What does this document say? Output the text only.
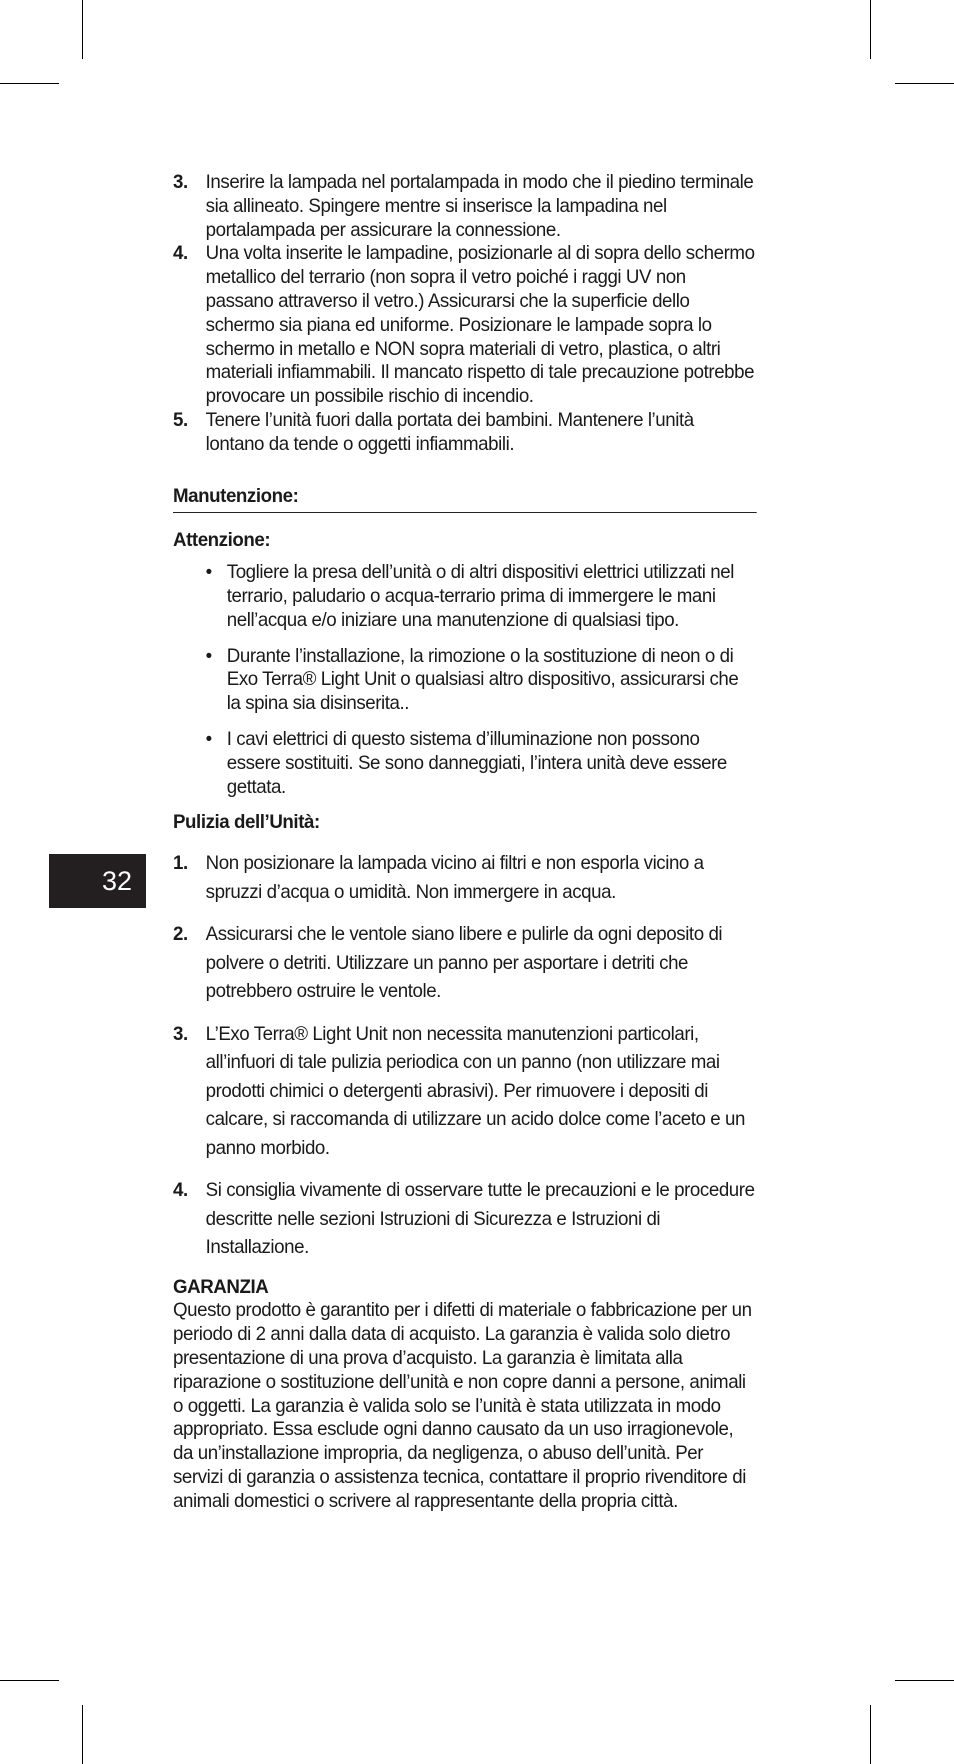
32
3. Inserire la lampada nel portalampada in modo che il piedino terminale sia allineato. Spingere mentre si inserisce la lampadina nel portalampada per assicurare la connessione.
4. Una volta inserite le lampadine, posizionarle al di sopra dello schermo metallico del terrario (non sopra il vetro poiché i raggi UV non passano attraverso il vetro.) Assicurarsi che la superficie dello schermo sia piana ed uniforme. Posizionare le lampade sopra lo schermo in metallo e NON sopra materiali di vetro, plastica, o altri materiali infiammabili. Il mancato rispetto di tale precauzione potrebbe provocare un possibile rischio di incendio.
5. Tenere l’unità fuori dalla portata dei bambini. Mantenere l’unità lontano da tende o oggetti infiammabili.
Manutenzione:
Attenzione:
• Togliere la presa dell’unità o di altri dispositivi elettrici utilizzati nel terrario, paludario o acqua-terrario prima di immergere le mani nell’acqua e/o iniziare una manutenzione di qualsiasi tipo.
• Durante l’installazione, la rimozione o la sostituzione di neon o di Exo Terra® Light Unit o qualsiasi altro dispositivo, assicurarsi che la spina sia disinserita..
• I cavi elettrici di questo sistema d’illuminazione non possono essere sostituiti. Se sono danneggiati, l’intera unità deve essere gettata.
Pulizia dell’Unità:
1. Non posizionare la lampada vicino ai filtri e non esporla vicino a spruzzi d’acqua o umidità. Non immergere in acqua.
2. Assicurarsi che le ventole siano libere e pulirle da ogni deposito di polvere o detriti. Utilizzare un panno per asportare i detriti che potrebbero ostruire le ventole.
3. L’Exo Terra® Light Unit non necessita manutenzioni particolari, all’infuori di tale pulizia periodica con un panno (non utilizzare mai prodotti chimici o detergenti abrasivi). Per rimuovere i depositi di calcare, si raccomanda di utilizzare un acido dolce come l’aceto e un panno morbido.
4. Si consiglia vivamente di osservare tutte le precauzioni e le procedure descritte nelle sezioni Istruzioni di Sicurezza e Istruzioni di Installazione.
GARANZIA

Questo prodotto è garantito per i difetti di materiale o fabbricazione per un periodo di 2 anni dalla data di acquisto. La garanzia è valida solo dietro presentazione di una prova d’acquisto. La garanzia è limitata alla riparazione o sostituzione dell’unità e non copre danni a persone, animali o oggetti. La garanzia è valida solo se l’unità è stata utilizzata in modo appropriato. Essa esclude ogni danno causato da un uso irragionevole, da un’installazione impropria, da negligenza, o abuso dell’unità. Per servizi di garanzia o assistenza tecnica, contattare il proprio rivenditore di animali domestici o scrivere al rappresentante della propria città.
